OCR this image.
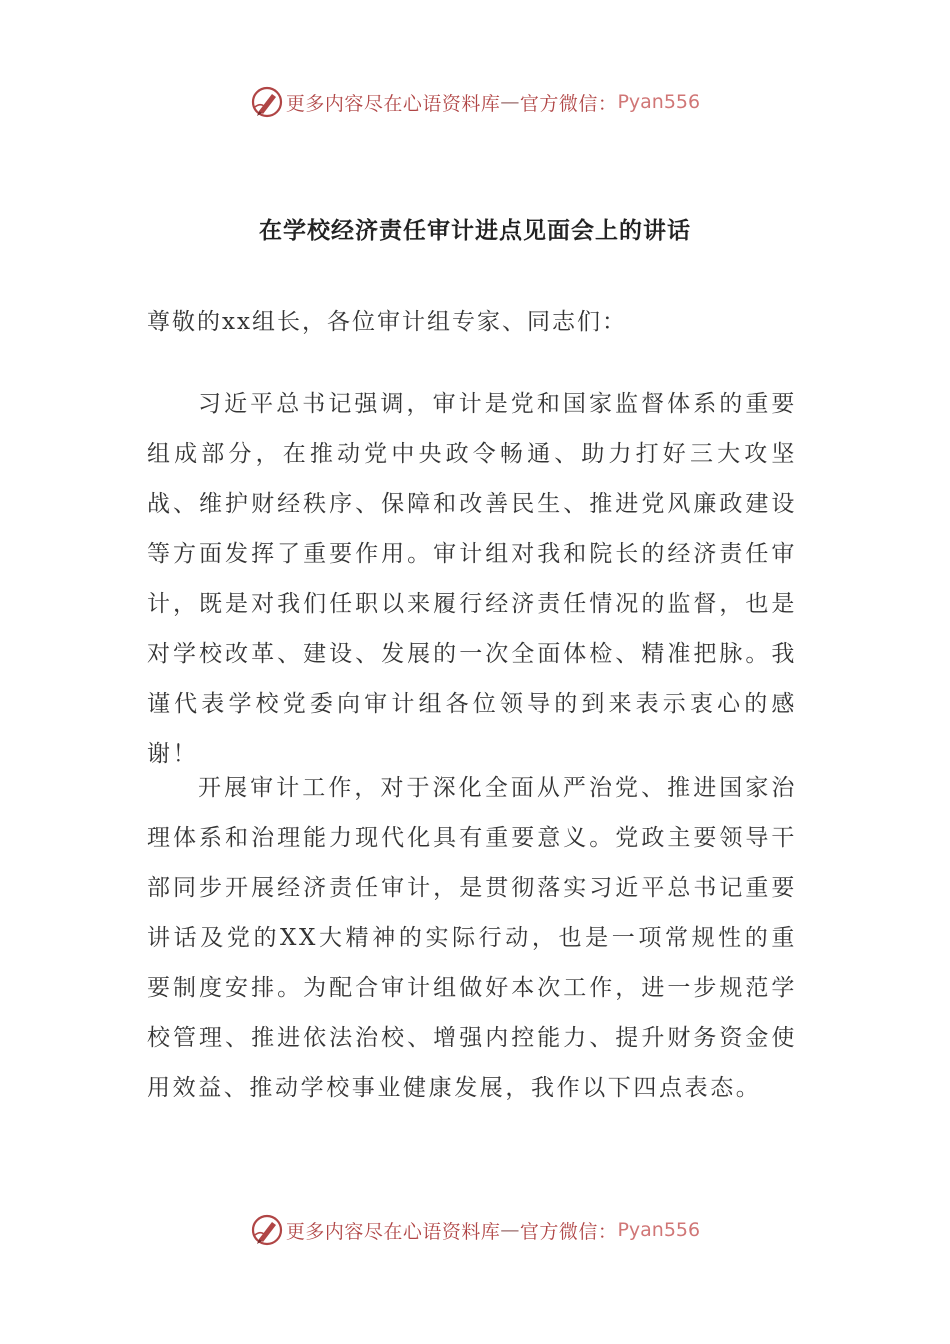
更多内容尽在心语资料库 — 官方微信： Pyan556
在学校经济责任审计进点见面会上的讲话
尊敬的xx组长，各位审计组专家、同志们：
习近平总书记强调，审计是党和国家监督体系的重要组成部分，在推动党中央政令畅通、助力打好三大攻坚战、维护财经秩序、保障和改善民生、推进党风廉政建设等方面发挥了重要作用。审计组对我和院长的经济责任审计，既是对我们任职以来履行经济责任情况的监督，也是对学校改革、建设、发展的一次全面体检、精准把脉。我谨代表学校党委向审计组各位领导的到来表示衷心的感谢！
开展审计工作，对于深化全面从严治党、推进国家治理体系和治理能力现代化具有重要意义。党政主要领导干部同步开展经济责任审计，是贯彻落实习近平总书记重要讲话及党的XX大精神的实际行动，也是一项常规性的重要制度安排。为配合审计组做好本次工作，进一步规范学校管理、推进依法治校、增强内控能力、提升财务资金使用效益、推动学校事业健康发展，我作以下四点表态。
更多内容尽在心语资料库 — 官方微信： Pyan556
